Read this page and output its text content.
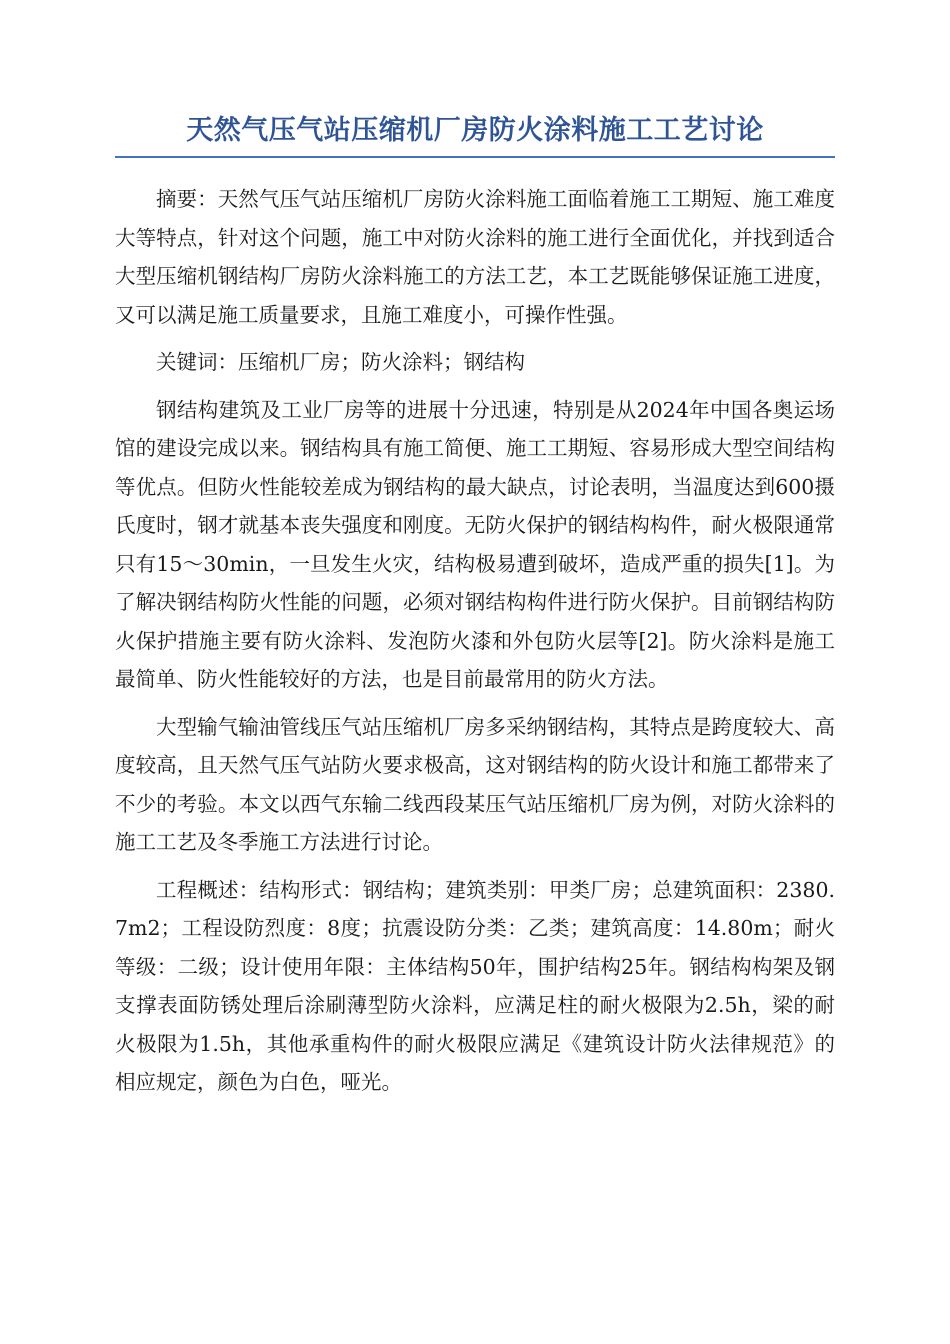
天然气压气站压缩机厂房防火涂料施工工艺讨论

摘要：天然气压气站压缩机厂房防火涂料施工面临着施工工期短、施工难度大等特点，针对这个问题，施工中对防火涂料的施工进行全面优化，并找到适合大型压缩机钢结构厂房防火涂料施工的方法工艺，本工艺既能够保证施工进度，又可以满足施工质量要求，且施工难度小，可操作性强。

关键词：压缩机厂房；防火涂料；钢结构

钢结构建筑及工业厂房等的进展十分迅速，特别是从2024年中国各奥运场馆的建设完成以来。钢结构具有施工简便、施工工期短、容易形成大型空间结构等优点。但防火性能较差成为钢结构的最大缺点，讨论表明，当温度达到600摄氏度时，钢才就基本丧失强度和刚度。无防火保护的钢结构构件，耐火极限通常只有15～30min，一旦发生火灾，结构极易遭到破坏，造成严重的损失[1]。为了解决钢结构防火性能的问题，必须对钢结构构件进行防火保护。目前钢结构防火保护措施主要有防火涂料、发泡防火漆和外包防火层等[2]。防火涂料是施工最简单、防火性能较好的方法，也是目前最常用的防火方法。

大型输气输油管线压气站压缩机厂房多采纳钢结构，其特点是跨度较大、高度较高，且天然气压气站防火要求极高，这对钢结构的防火设计和施工都带来了不少的考验。本文以西气东输二线西段某压气站压缩机厂房为例，对防火涂料的施工工艺及冬季施工方法进行讨论。

工程概述：结构形式：钢结构；建筑类别：甲类厂房；总建筑面积：2380.7m2；工程设防烈度：8度；抗震设防分类：乙类；建筑高度：14.80m；耐火等级：二级；设计使用年限：主体结构50年，围护结构25年。钢结构构架及钢支撑表面防锈处理后涂刷薄型防火涂料，应满足柱的耐火极限为2.5h，梁的耐火极限为1.5h，其他承重构件的耐火极限应满足《建筑设计防火法律规范》的相应规定，颜色为白色，哑光。
